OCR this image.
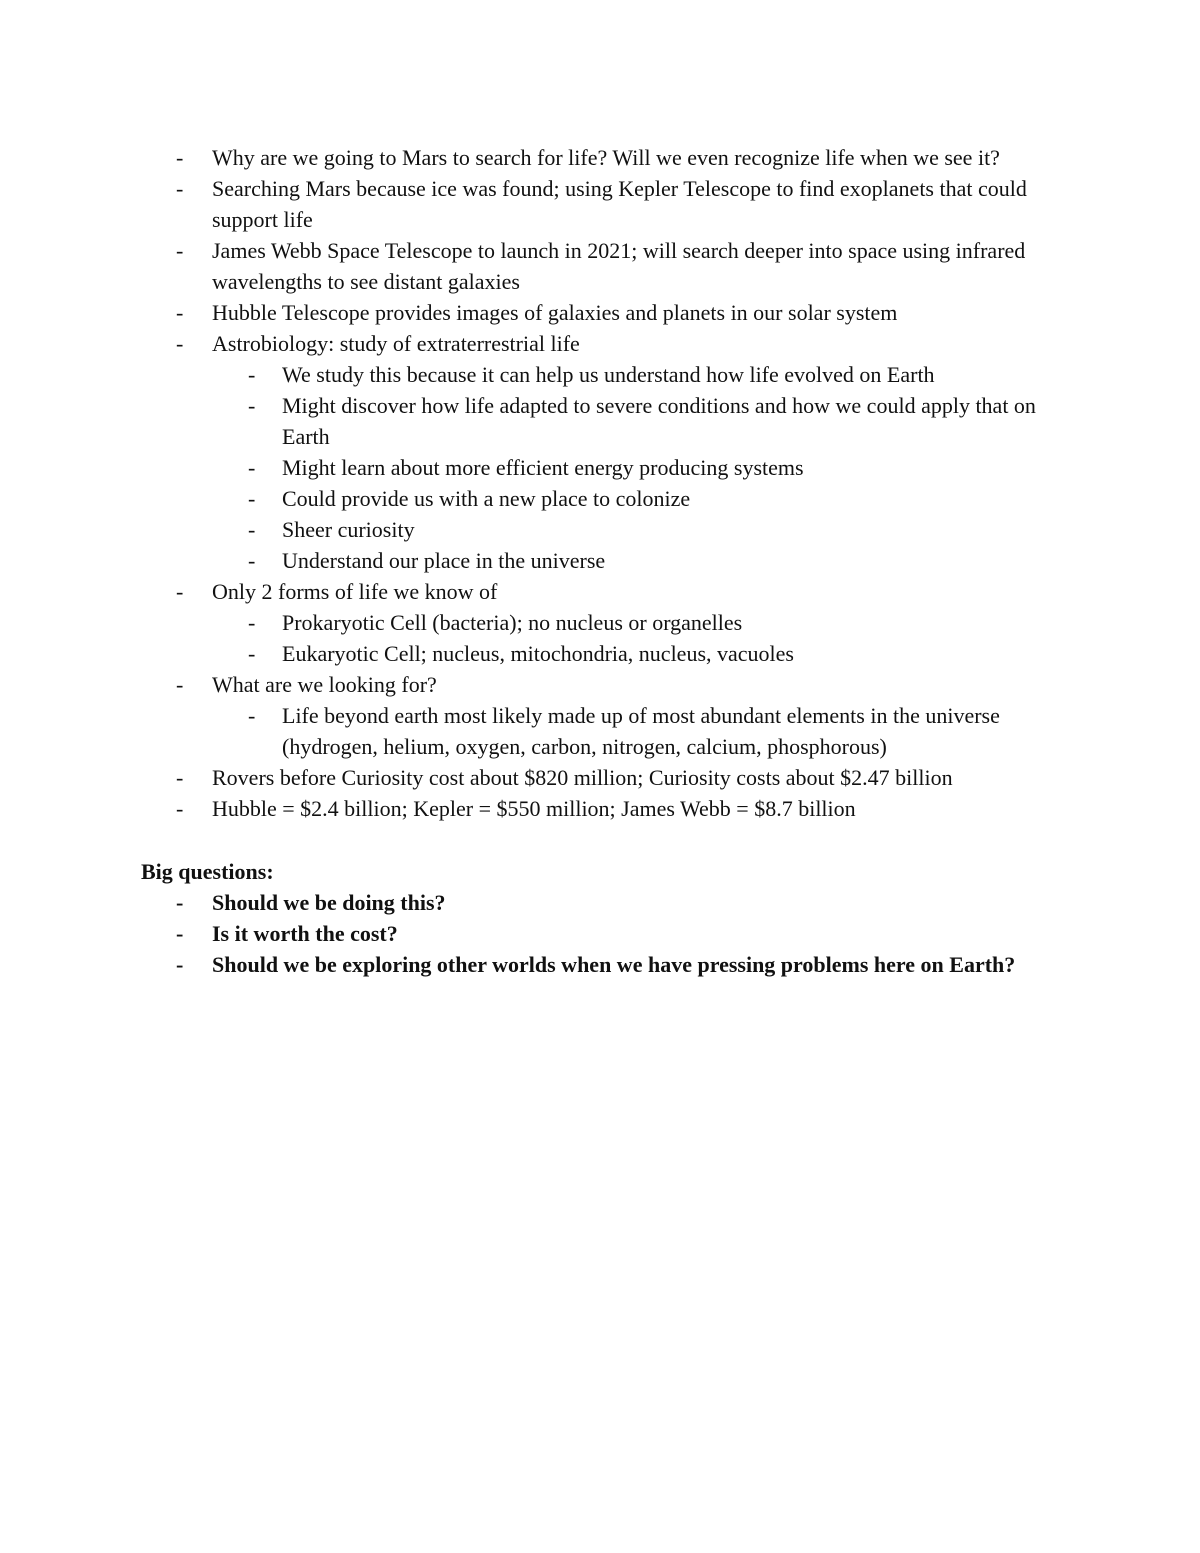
- Why are we going to Mars to search for life? Will we even recognize life when we see it?
- Searching Mars because ice was found; using Kepler Telescope to find exoplanets that could support life
- James Webb Space Telescope to launch in 2021; will search deeper into space using infrared wavelengths to see distant galaxies
- Hubble Telescope provides images of galaxies and planets in our solar system
- Astrobiology: study of extraterrestrial life
- We study this because it can help us understand how life evolved on Earth
- Might discover how life adapted to severe conditions and how we could apply that on Earth
- Might learn about more efficient energy producing systems
- Could provide us with a new place to colonize
- Sheer curiosity
- Understand our place in the universe
- Only 2 forms of life we know of
- Prokaryotic Cell (bacteria); no nucleus or organelles
- Eukaryotic Cell; nucleus, mitochondria, nucleus, vacuoles
- What are we looking for?
- Life beyond earth most likely made up of most abundant elements in the universe (hydrogen, helium, oxygen, carbon, nitrogen, calcium, phosphorous)
- Rovers before Curiosity cost about $820 million; Curiosity costs about $2.47 billion
- Hubble = $2.4 billion; Kepler = $550 million; James Webb = $8.7 billion
Big questions:
- Should we be doing this?
- Is it worth the cost?
- Should we be exploring other worlds when we have pressing problems here on Earth?
